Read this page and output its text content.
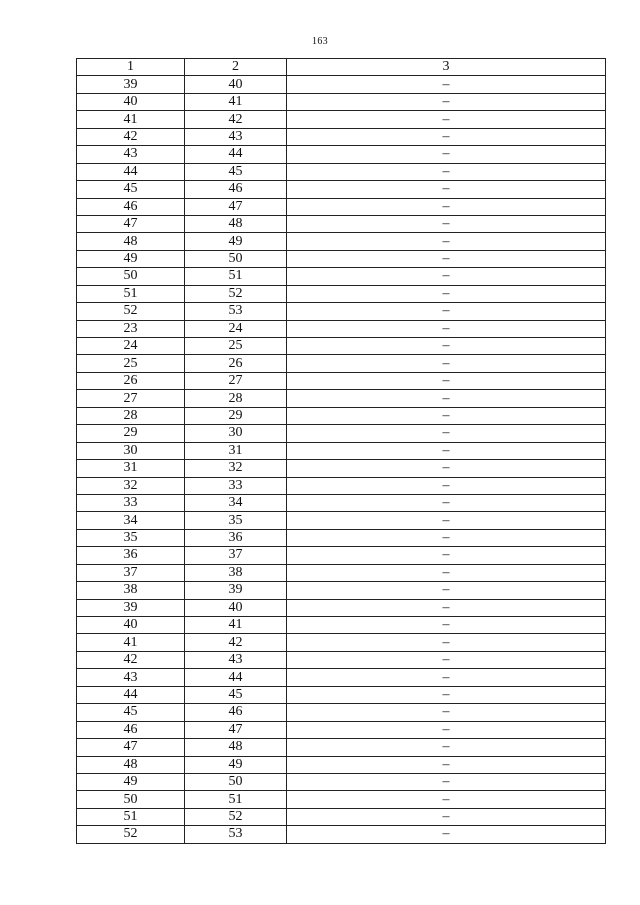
163
1	2	3
39	40	–
40	41	–
41	42	–
42	43	–
43	44	–
44	45	–
45	46	–
46	47	–
47	48	–
48	49	–
49	50	–
50	51	–
51	52	–
52	53	–
23	24	–
24	25	–
25	26	–
26	27	–
27	28	–
28	29	–
29	30	–
30	31	–
31	32	–
32	33	–
33	34	–
34	35	–
35	36	–
36	37	–
37	38	–
38	39	–
39	40	–
40	41	–
41	42	–
42	43	–
43	44	–
44	45	–
45	46	–
46	47	–
47	48	–
48	49	–
49	50	–
50	51	–
51	52	–
52	53	–
